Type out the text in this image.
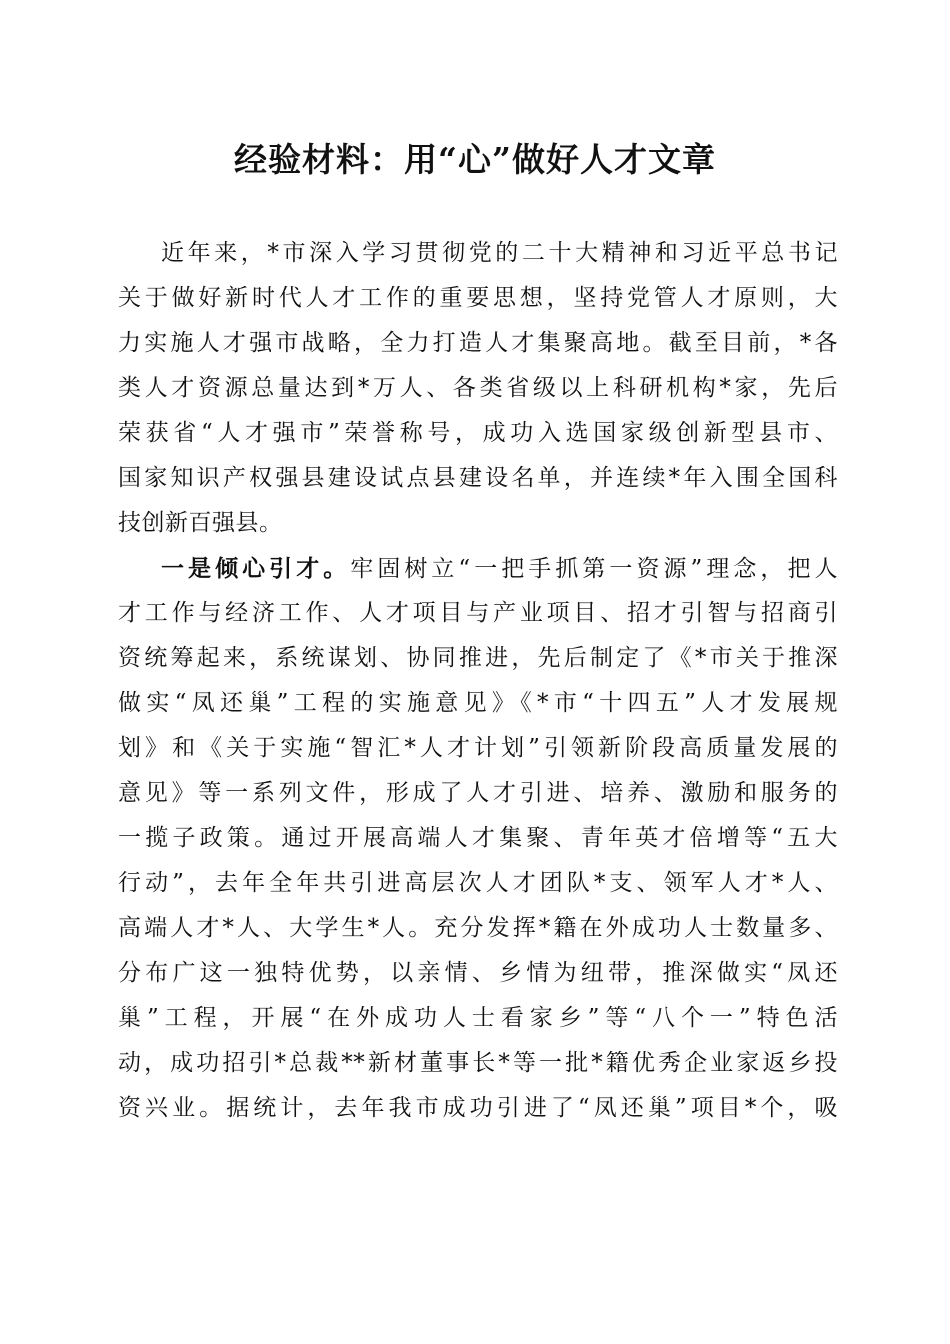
经验材料：用“心”做好人才文章
近年来，*市深入学习贯彻党的二十大精神和习近平总书记
关于做好新时代人才工作的重要思想，坚持党管人才原则，大
力实施人才强市战略，全力打造人才集聚高地。截至目前，*各
类人才资源总量达到*万人、各类省级以上科研机构*家，先后
荣获省“人才强市”荣誉称号，成功入选国家级创新型县市、
国家知识产权强县建设试点县建设名单，并连续*年入围全国科
技创新百强县。
一是倾心引才。牢固树立“一把手抓第一资源”理念，把人
才工作与经济工作、人才项目与产业项目、招才引智与招商引
资统筹起来，系统谋划、协同推进，先后制定了《*市关于推深
做实“凤还巢”工程的实施意见》《*市“十四五”人才发展规
划》和《关于实施“智汇*人才计划”引领新阶段高质量发展的
意见》等一系列文件，形成了人才引进、培养、激励和服务的
一揽子政策。通过开展高端人才集聚、青年英才倍增等“五大
行动”，去年全年共引进高层次人才团队*支、领军人才*人、
高端人才*人、大学生*人。充分发挥*籍在外成功人士数量多、
分布广这一独特优势，以亲情、乡情为纽带，推深做实“凤还
巢”工程，开展“在外成功人士看家乡”等“八个一”特色活
动，成功招引*总裁**新材董事长*等一批*籍优秀企业家返乡投
资兴业。据统计，去年我市成功引进了“凤还巢”项目*个，吸
